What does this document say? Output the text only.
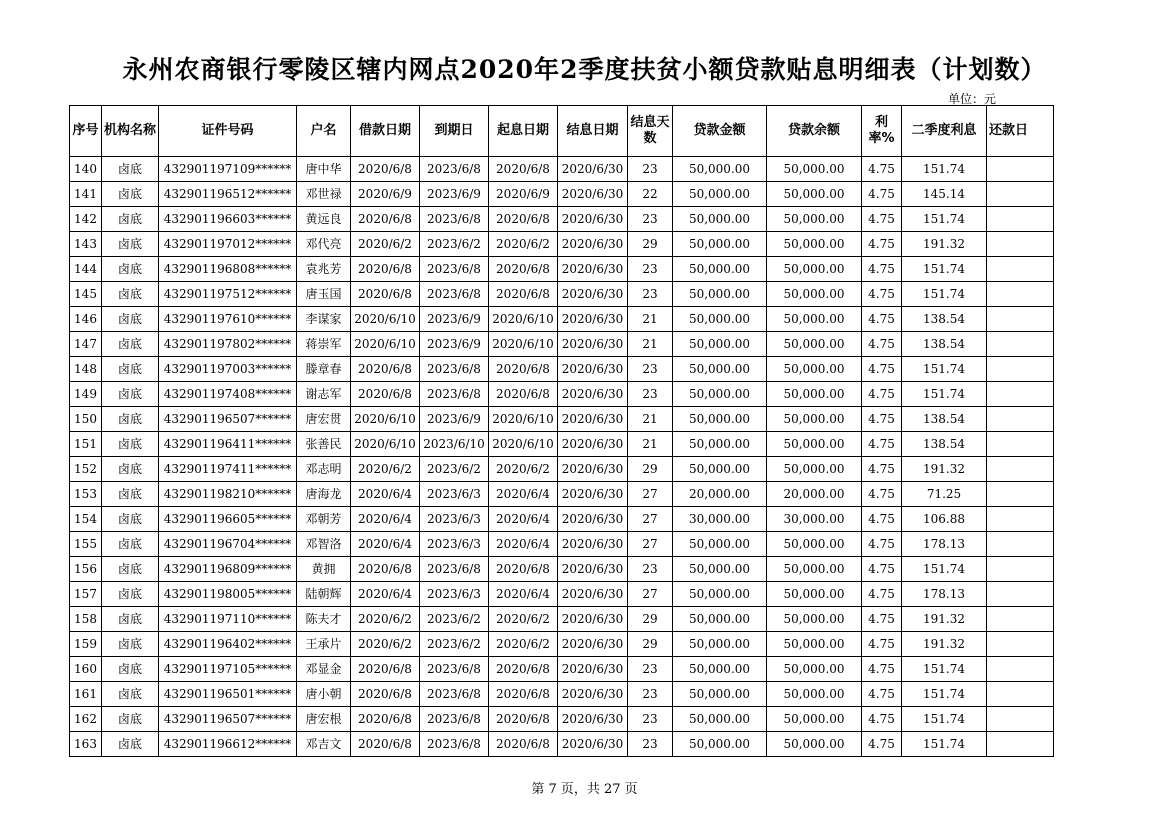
永州农商银行零陵区辖内网点2020年2季度扶贫小额贷款贴息明细表（计划数）
单位：元
序号	机构名称	证件号码	户名	借款日期	到期日	起息日期	结息日期	结息天数	贷款金额	贷款余额	利率%	二季度利息	还款日
140	卤底	432901197109******	唐中华	2020/6/8	2023/6/8	2020/6/8	2020/6/30	23	50,000.00	50,000.00	4.75	151.74	
141	卤底	432901196512******	邓世禄	2020/6/9	2023/6/9	2020/6/9	2020/6/30	22	50,000.00	50,000.00	4.75	145.14	
142	卤底	432901196603******	黄远良	2020/6/8	2023/6/8	2020/6/8	2020/6/30	23	50,000.00	50,000.00	4.75	151.74	
143	卤底	432901197012******	邓代亮	2020/6/2	2023/6/2	2020/6/2	2020/6/30	29	50,000.00	50,000.00	4.75	191.32	
144	卤底	432901196808******	袁兆芳	2020/6/8	2023/6/8	2020/6/8	2020/6/30	23	50,000.00	50,000.00	4.75	151.74	
145	卤底	432901197512******	唐玉国	2020/6/8	2023/6/8	2020/6/8	2020/6/30	23	50,000.00	50,000.00	4.75	151.74	
146	卤底	432901197610******	李谋家	2020/6/10	2023/6/9	2020/6/10	2020/6/30	21	50,000.00	50,000.00	4.75	138.54	
147	卤底	432901197802******	蒋崇军	2020/6/10	2023/6/9	2020/6/10	2020/6/30	21	50,000.00	50,000.00	4.75	138.54	
148	卤底	432901197003******	滕章春	2020/6/8	2023/6/8	2020/6/8	2020/6/30	23	50,000.00	50,000.00	4.75	151.74	
149	卤底	432901197408******	谢志军	2020/6/8	2023/6/8	2020/6/8	2020/6/30	23	50,000.00	50,000.00	4.75	151.74	
150	卤底	432901196507******	唐宏贯	2020/6/10	2023/6/9	2020/6/10	2020/6/30	21	50,000.00	50,000.00	4.75	138.54	
151	卤底	432901196411******	张善民	2020/6/10	2023/6/10	2020/6/10	2020/6/30	21	50,000.00	50,000.00	4.75	138.54	
152	卤底	432901197411******	邓志明	2020/6/2	2023/6/2	2020/6/2	2020/6/30	29	50,000.00	50,000.00	4.75	191.32	
153	卤底	432901198210******	唐海龙	2020/6/4	2023/6/3	2020/6/4	2020/6/30	27	20,000.00	20,000.00	4.75	71.25	
154	卤底	432901196605******	邓朝芳	2020/6/4	2023/6/3	2020/6/4	2020/6/30	27	30,000.00	30,000.00	4.75	106.88	
155	卤底	432901196704******	邓智洛	2020/6/4	2023/6/3	2020/6/4	2020/6/30	27	50,000.00	50,000.00	4.75	178.13	
156	卤底	432901196809******	黄拥	2020/6/8	2023/6/8	2020/6/8	2020/6/30	23	50,000.00	50,000.00	4.75	151.74	
157	卤底	432901198005******	陆朝辉	2020/6/4	2023/6/3	2020/6/4	2020/6/30	27	50,000.00	50,000.00	4.75	178.13	
158	卤底	432901197110******	陈夫才	2020/6/2	2023/6/2	2020/6/2	2020/6/30	29	50,000.00	50,000.00	4.75	191.32	
159	卤底	432901196402******	王承片	2020/6/2	2023/6/2	2020/6/2	2020/6/30	29	50,000.00	50,000.00	4.75	191.32	
160	卤底	432901197105******	邓显金	2020/6/8	2023/6/8	2020/6/8	2020/6/30	23	50,000.00	50,000.00	4.75	151.74	
161	卤底	432901196501******	唐小朝	2020/6/8	2023/6/8	2020/6/8	2020/6/30	23	50,000.00	50,000.00	4.75	151.74	
162	卤底	432901196507******	唐宏根	2020/6/8	2023/6/8	2020/6/8	2020/6/30	23	50,000.00	50,000.00	4.75	151.74	
163	卤底	432901196612******	邓吉文	2020/6/8	2023/6/8	2020/6/8	2020/6/30	23	50,000.00	50,000.00	4.75	151.74	
第 7 页，共 27 页
